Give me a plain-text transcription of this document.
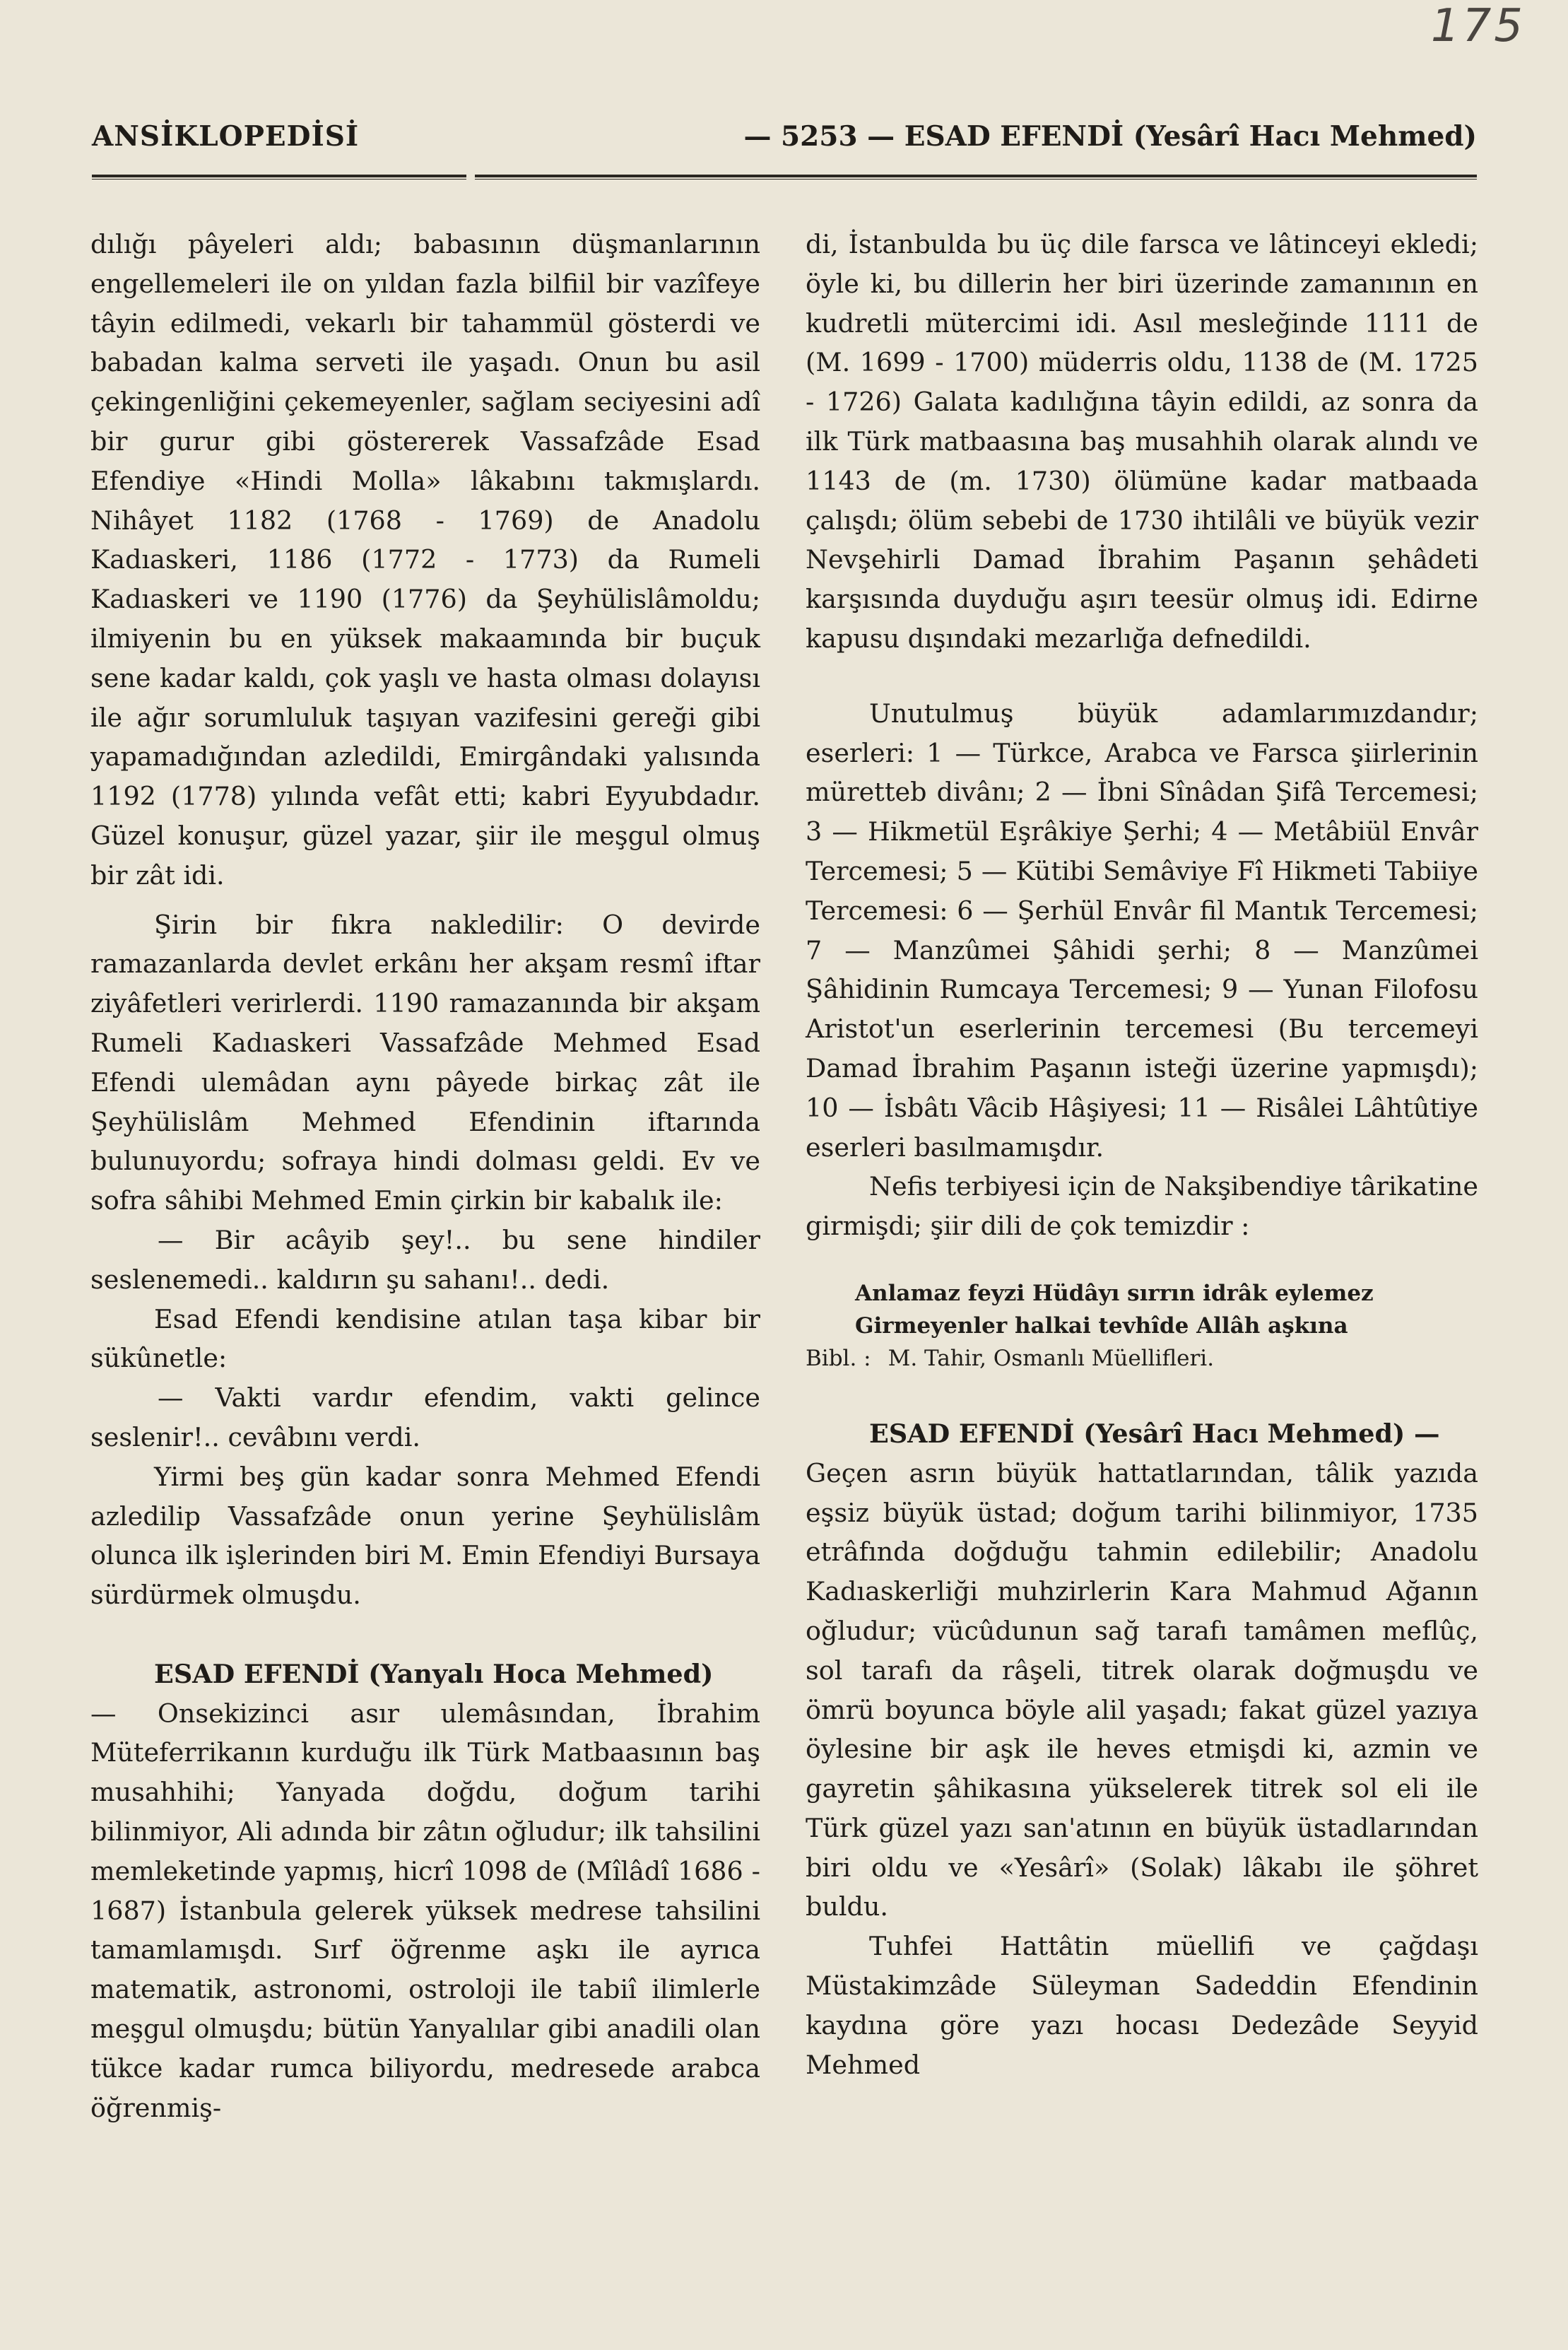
175
ANSİKLOPEDİSİ	— 5253 — ESAD EFENDİ (Yesârî Hacı Mehmed)

dılığı pâyeleri aldı; babasının düşmanlarının engellemeleri ile on yıldan fazla bilfiil bir vazîfeye tâyin edilmedi, vekarlı bir tahammül gösterdi ve babadan kalma serveti ile yaşadı. Onun bu asil çekingenliğini çekemeyenler, sağlam seciyesini adî bir gurur gibi göstererek Vassafzâde Esad Efendiye «Hindi Molla» lâkabını takmışlardı. Nihâyet 1182 (1768 - 1769) de Anadolu Kadıaskeri, 1186 (1772 - 1773) da Rumeli Kadıaskeri ve 1190 (1776) da Şeyhülislâmoldu; ilmiyenin bu en yüksek makaamında bir buçuk sene kadar kaldı, çok yaşlı ve hasta olması dolayısı ile ağır sorumluluk taşıyan vazifesini gereği gibi yapamadığından azledildi, Emirgândaki yalısında 1192 (1778) yılında vefât etti; kabri Eyyubdadır. Güzel konuşur, güzel yazar, şiir ile meşgul olmuş bir zât idi.

Şirin bir fıkra nakledilir: O devirde ramazanlarda devlet erkânı her akşam resmî iftar ziyâfetleri verirlerdi. 1190 ramazanında bir akşam Rumeli Kadıaskeri Vassafzâde Mehmed Esad Efendi ulemâdan aynı pâyede birkaç zât ile Şeyhülislâm Mehmed Efendinin iftarında bulunuyordu; sofraya hindi dolması geldi. Ev ve sofra sâhibi Mehmed Emin çirkin bir kabalık ile:

— Bir acâyib şey!.. bu sene hindiler seslenemedi.. kaldırın şu sahanı!.. dedi.

Esad Efendi kendisine atılan taşa kibar bir sükûnetle:

— Vakti vardır efendim, vakti gelince seslenir!.. cevâbını verdi.

Yirmi beş gün kadar sonra Mehmed Efendi azledilip Vassafzâde onun yerine Şeyhülislâm olunca ilk işlerinden biri M. Emin Efendiyi Bursaya sürdürmek olmuşdu.

ESAD EFENDİ (Yanyalı Hoca Mehmed)

— Onsekizinci asır ulemâsından, İbrahim Müteferrikanın kurduğu ilk Türk Matbaasının baş musahhihi; Yanyada doğdu, doğum tarihi bilinmiyor, Ali adında bir zâtın oğludur; ilk tahsilini memleketinde yapmış, hicrî 1098 de (Mîlâdî 1686 - 1687) İstanbula gelerek yüksek medrese tahsilini tamamlamışdı. Sırf öğrenme aşkı ile ayrıca matematik, astronomi, ostroloji ile tabiî ilimlerle meşgul olmuşdu; bütün Yanyalılar gibi anadili olan tükce kadar rumca biliyordu, medresede arabca öğrenmiş-

di, İstanbulda bu üç dile farsca ve lâtinceyi ekledi; öyle ki, bu dillerin her biri üzerinde zamanının en kudretli mütercimi idi. Asıl mesleğinde 1111 de (M. 1699 - 1700) müderris oldu, 1138 de (M. 1725 - 1726) Galata kadılığına tâyin edildi, az sonra da ilk Türk matbaasına baş musahhih olarak alındı ve 1143 de (m. 1730) ölümüne kadar matbaada çalışdı; ölüm sebebi de 1730 ihtilâli ve büyük vezir Nevşehirli Damad İbrahim Paşanın şehâdeti karşısında duyduğu aşırı teesür olmuş idi. Edirne kapusu dışındaki mezarlığa defnedildi.

Unutulmuş büyük adamlarımızdandır; eserleri: 1 — Türkce, Arabca ve Farsca şiirlerinin müretteb divânı; 2 — İbni Sînâdan Şifâ Tercemesi; 3 — Hikmetül Eşrâkiye Şerhi; 4 — Metâbiül Envâr Tercemesi; 5 — Kütibi Semâviye Fî Hikmeti Tabiiye Tercemesi: 6 — Şerhül Envâr fil Mantık Tercemesi; 7 — Manzûmei Şâhidi şerhi; 8 — Manzûmei Şâhidinin Rumcaya Tercemesi; 9 — Yunan Filofosu Aristot'un eserlerinin tercemesi (Bu tercemeyi Damad İbrahim Paşanın isteği üzerine yapmışdı); 10 — İsbâtı Vâcib Hâşiyesi; 11 — Risâlei Lâhtûtiye eserleri basılmamışdır.

Nefis terbiyesi için de Nakşibendiye târikatine girmişdi; şiir dili de çok temizdir :

Anlamaz feyzi Hüdâyı sırrın idrâk eylemez
Girmeyenler halkai tevhîde Allâh aşkına

Bibl. : M. Tahir, Osmanlı Müellifleri.

ESAD EFENDİ (Yesârî Hacı Mehmed) —

Geçen asrın büyük hattatlarından, tâlik yazıda eşsiz büyük üstad; doğum tarihi bilinmiyor, 1735 etrâfında doğduğu tahmin edilebilir; Anadolu Kadıaskerliği muhzirlerin Kara Mahmud Ağanın oğludur; vücûdunun sağ tarafı tamâmen meflûç, sol tarafı da râşeli, titrek olarak doğmuşdu ve ömrü boyunca böyle alil yaşadı; fakat güzel yazıya öylesine bir aşk ile heves etmişdi ki, azmin ve gayretin şâhikasına yükselerek titrek sol eli ile Türk güzel yazı san'atının en büyük üstadlarından biri oldu ve «Yesârî» (Solak) lâkabı ile şöhret buldu.

Tuhfei Hattâtin müellifi ve çağdaşı Müstakimzâde Süleyman Sadeddin Efendinin kaydına göre yazı hocası Dedezâde Seyyid Mehmed
